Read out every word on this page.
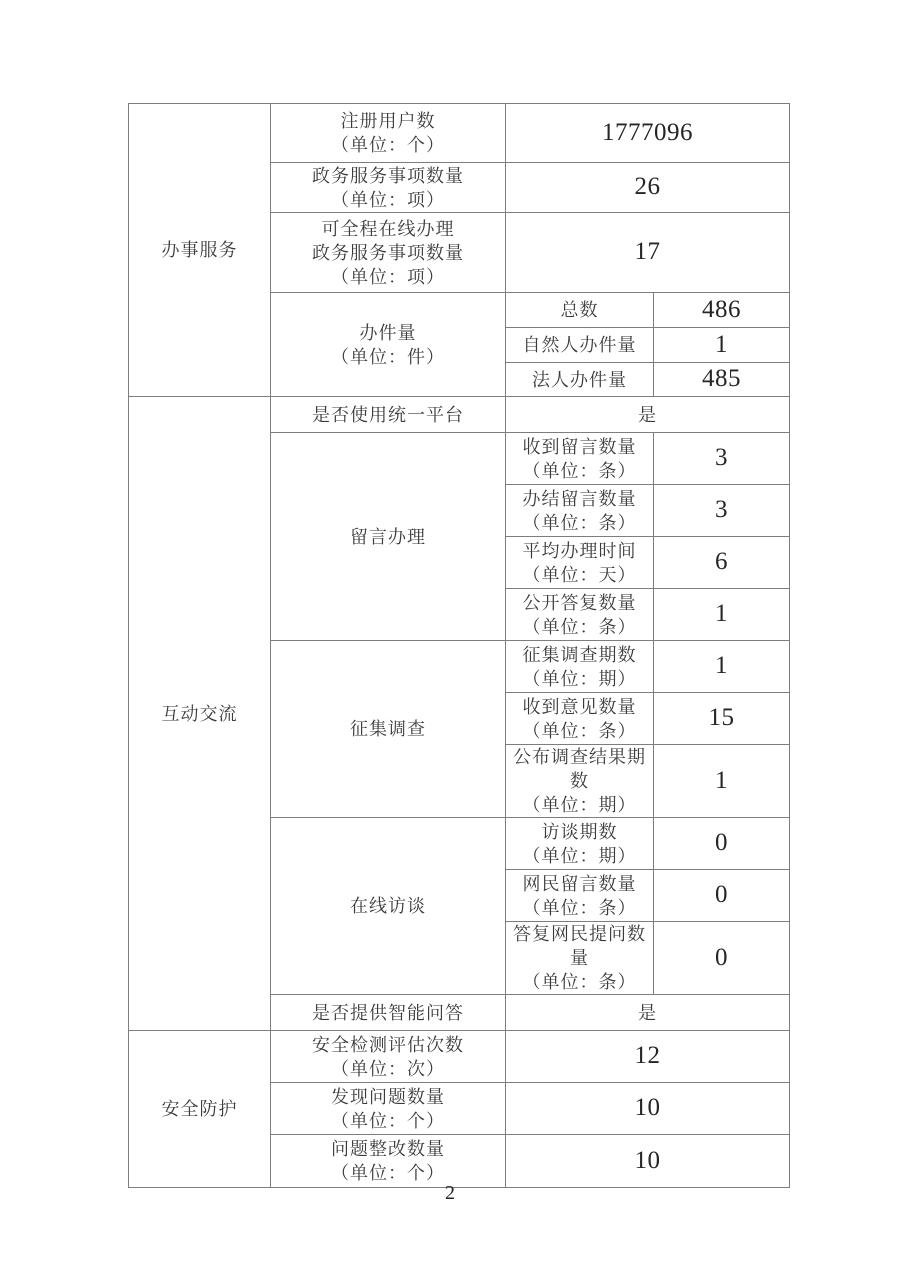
办事服务	注册用户数
（单位：个）	1777096	

	政务服务事项数量
（单位：项）	26	

	可全程在线办理
政务服务事项数量
（单位：项）	17	

	办件量
（单位：件）	总数	486

		自然人办件量	1

		法人办件量	485

互动交流	是否使用统一平台	是	

	留言办理	收到留言数量
（单位：条）	3

		办结留言数量
（单位：条）	3

		平均办理时间
（单位：天）	6

		公开答复数量
（单位：条）	1

	征集调查	征集调查期数
（单位：期）	1

		收到意见数量
（单位：条）	15

		公布调查结果期数
（单位：期）	1

	在线访谈	访谈期数
（单位：期）	0

		网民留言数量
（单位：条）	0

		答复网民提问数量
（单位：条）	0

	是否提供智能问答	是	

安全防护	安全检测评估次数
（单位：次）	12	

	发现问题数量
（单位：个）	10	

	问题整改数量
（单位：个）	10	
2
